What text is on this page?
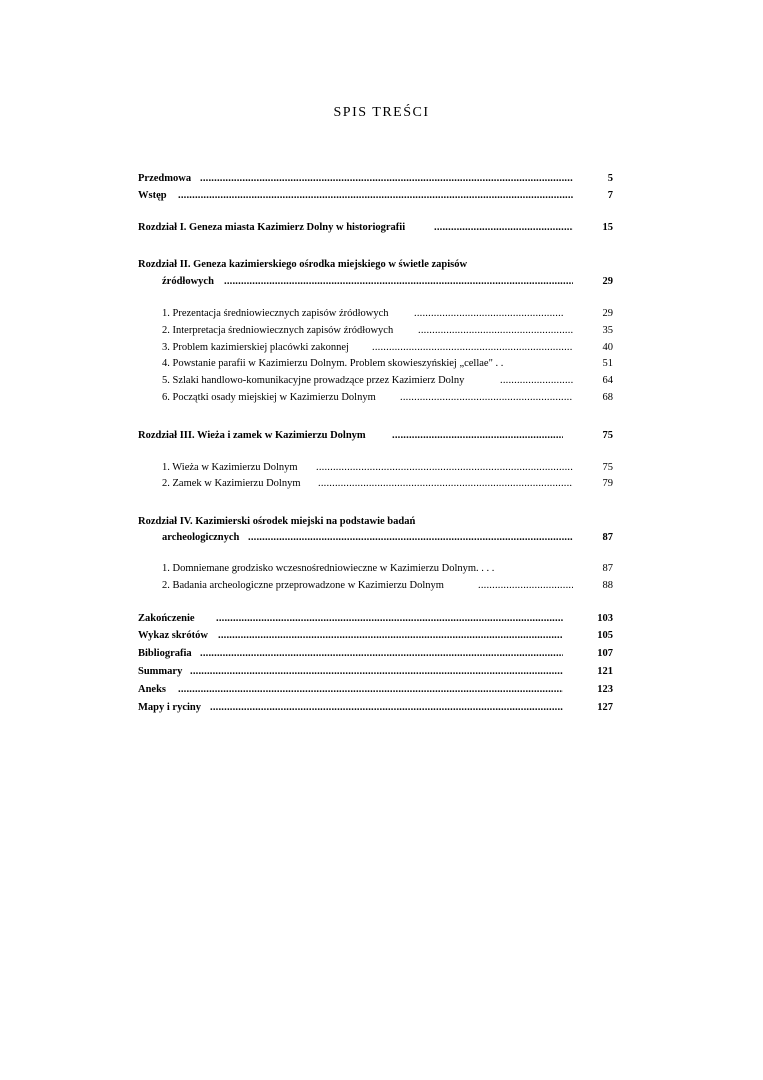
SPIS TREŚCI
Przedmowa .....	5
Wstęp .....	7
Rozdział I. Geneza miasta Kazimierz Dolny w historiografii .....	15
Rozdział II. Geneza kazimierskiego ośrodka miejskiego w świetle zapisów
źródłowych .....	29
1. Prezentacja średniowiecznych zapisów źródłowych .....	29
2. Interpretacja średniowiecznych zapisów źródłowych .....	35
3. Problem kazimierskiej placówki zakonnej .....	40
4. Powstanie parafii w Kazimierzu Dolnym. Problem skowieszyńskiej „cellae" . .	51
5. Szlaki handlowo-komunikacyjne prowadzące przez Kazimierz Dolny .....	64
6. Początki osady miejskiej w Kazimierzu Dolnym .....	68
Rozdział III. Wieża i zamek w Kazimierzu Dolnym .....	75
1. Wieża w Kazimierzu Dolnym .....	75
2. Zamek w Kazimierzu Dolnym .....	79
Rozdział IV. Kazimierski ośrodek miejski na podstawie badań
archeologicznych .....	87
1. Domniemane grodzisko wczesnośredniowieczne w Kazimierzu Dolnym. . . .	87
2. Badania archeologiczne przeprowadzone w Kazimierzu Dolnym .....	88
Zakończenie .....	103
Wykaz skrótów .....	105
Bibliografia .....	107
Summary .....	121
Aneks .....	123
Mapy i ryciny .....	127
